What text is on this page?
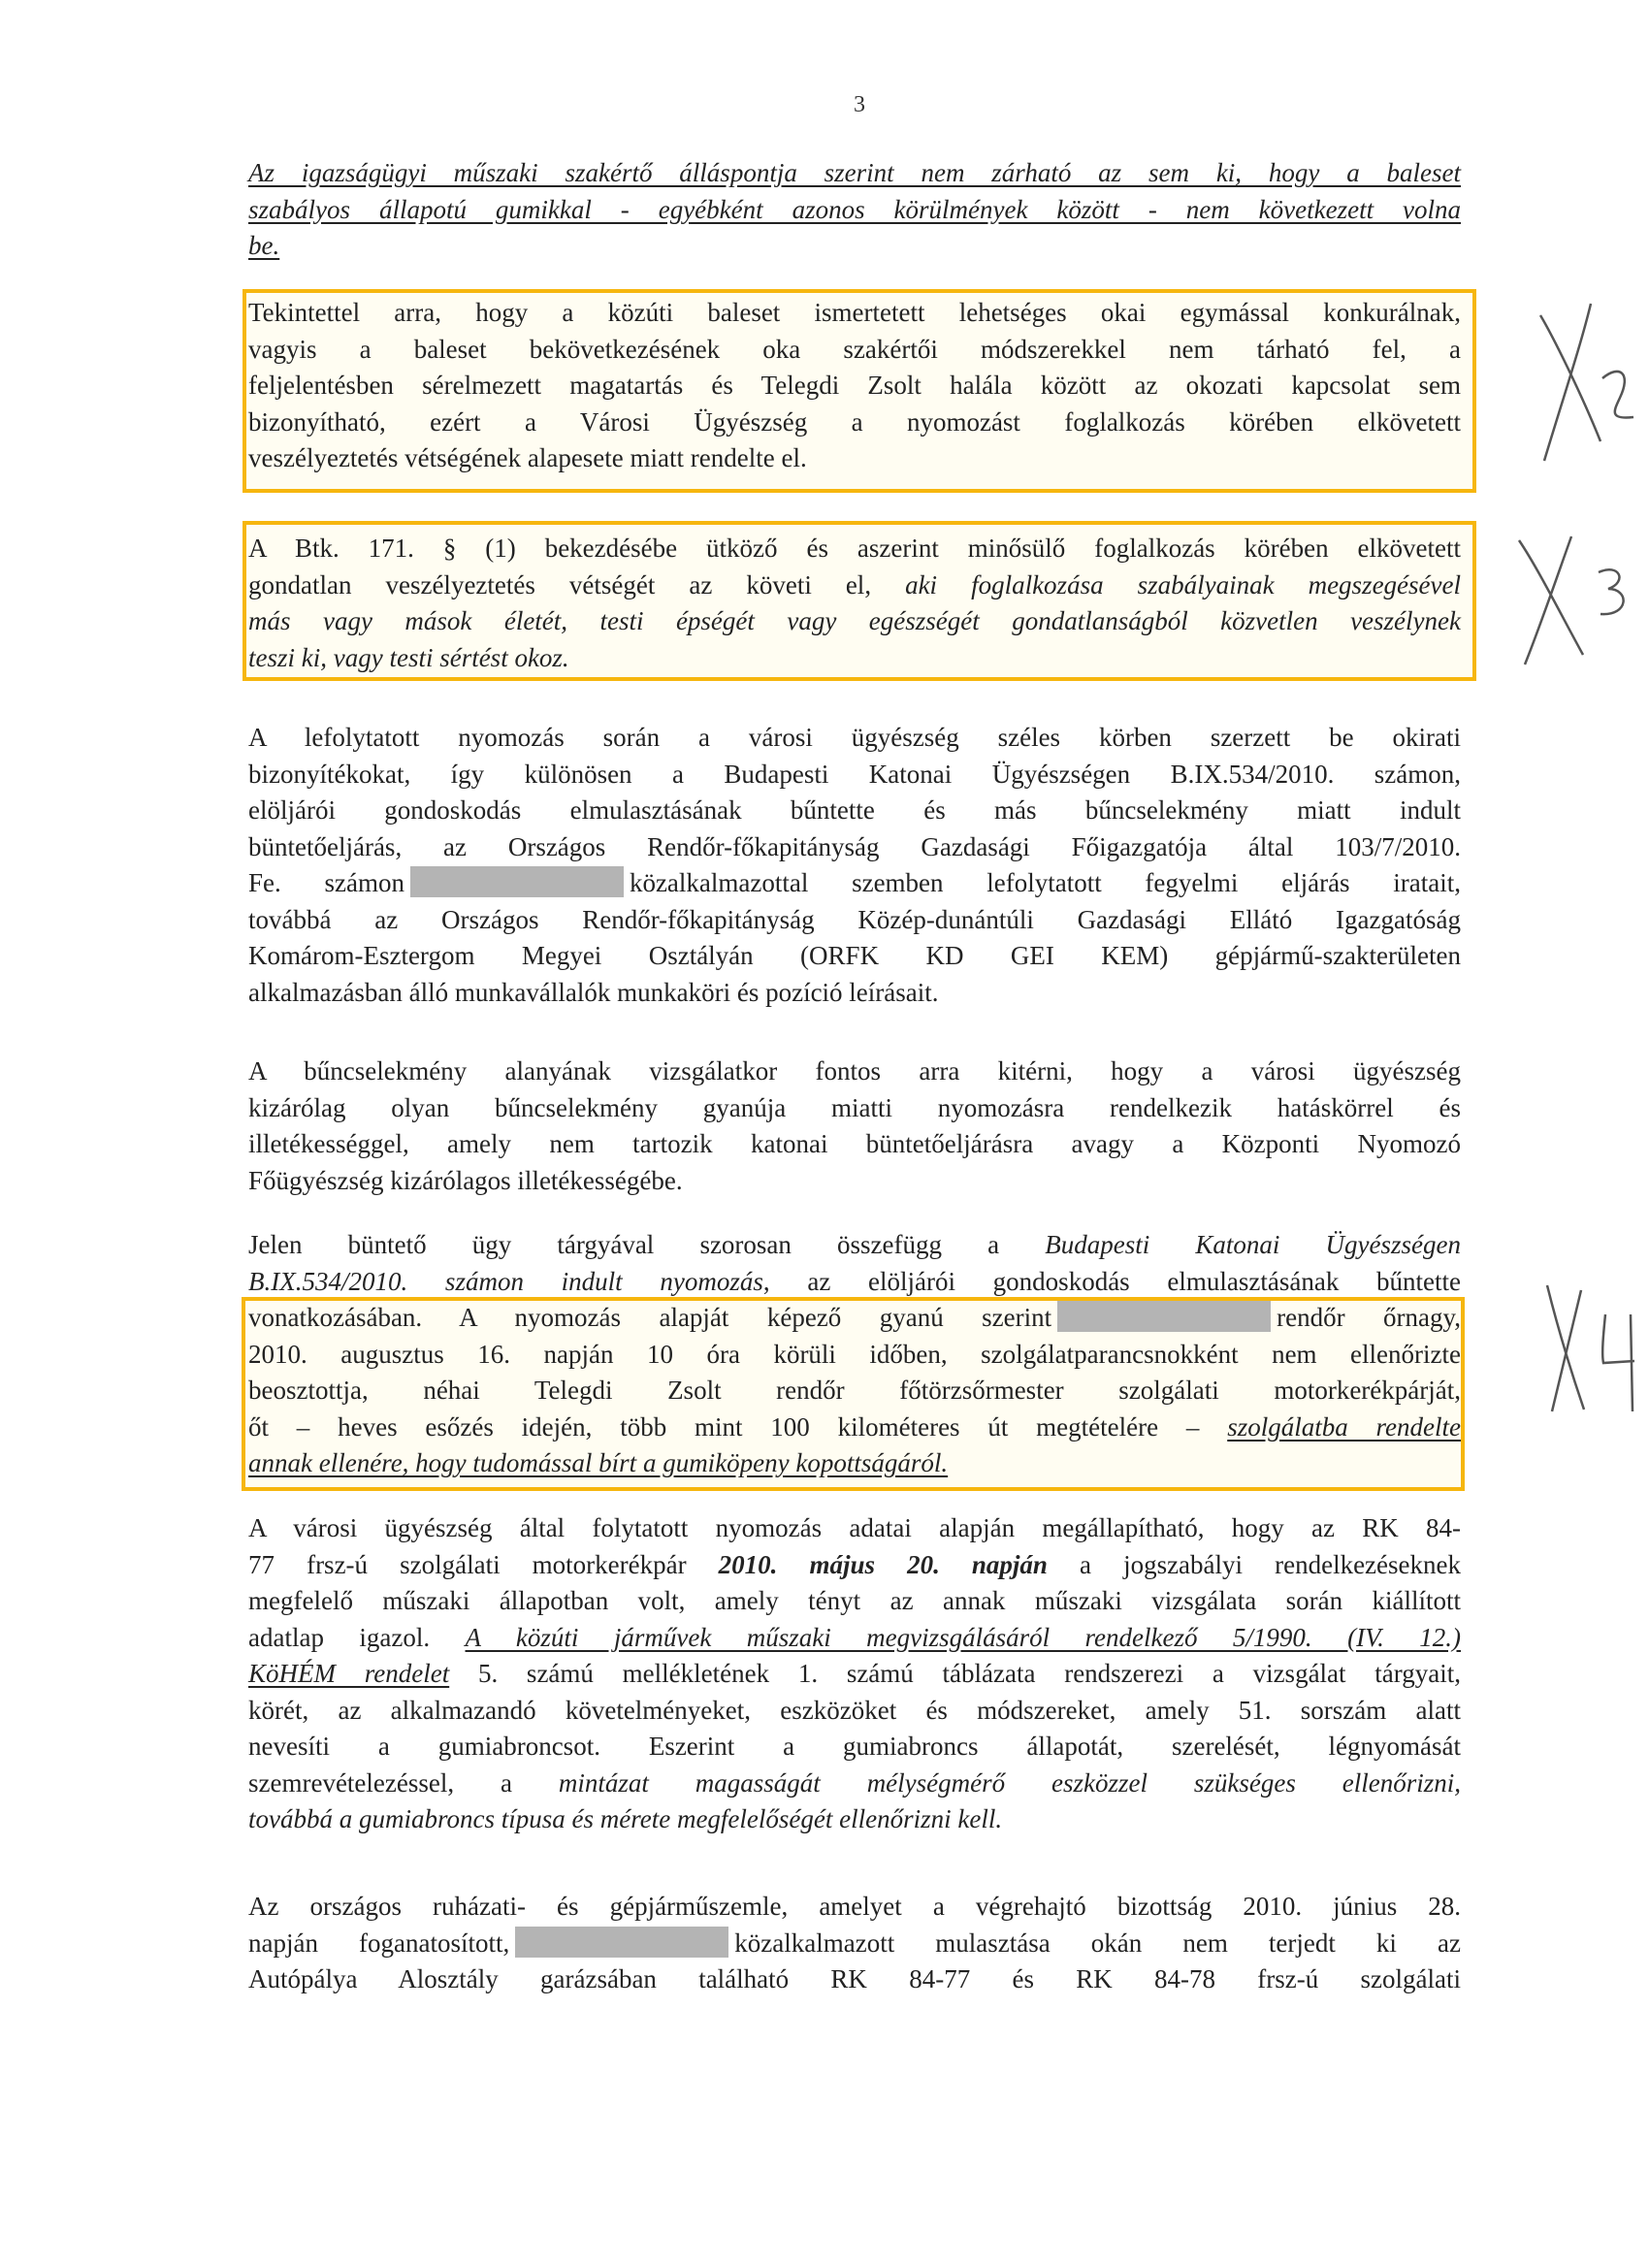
3
Az igazságügyi műszaki szakértő álláspontja szerint nem zárható az sem ki, hogy a baleset
szabályos állapotú gumikkal - egyébként azonos körülmények között - nem következett volna
be.
Tekintettel arra, hogy a közúti baleset ismertetett lehetséges okai egymással konkurálnak,
vagyis a baleset bekövetkezésének oka szakértői módszerekkel nem tárható fel, a
feljelentésben sérelmezett magatartás és Telegdi Zsolt halála között az okozati kapcsolat sem
bizonyítható, ezért a Városi Ügyészség a nyomozást foglalkozás körében elkövetett
veszélyeztetés vétségének alapesete miatt rendelte el.
A Btk. 171. § (1) bekezdésébe ütköző és aszerint minősülő foglalkozás körében elkövetett
gondatlan veszélyeztetés vétségét az követi el, aki foglalkozása szabályainak megszegésével
más vagy mások életét, testi épségét vagy egészségét gondatlanságból közvetlen veszélynek
teszi ki, vagy testi sértést okoz.
A lefolytatott nyomozás során a városi ügyészség széles körben szerzett be okirati
bizonyítékokat, így különösen a Budapesti Katonai Ügyészségen B.IX.534/2010. számon,
elöljárói gondoskodás elmulasztásának bűntette és más bűncselekmény miatt indult
büntetőeljárás, az Országos Rendőr-főkapitányság Gazdasági Főigazgatója által 103/7/2010.
Fe. számon	közalkalmazottal szemben lefolytatott fegyelmi eljárás iratait,
továbbá az Országos Rendőr-főkapitányság Közép-dunántúli Gazdasági Ellátó Igazgatóság
Komárom-Esztergom Megyei Osztályán (ORFK KD GEI KEM) gépjármű-szakterületen
alkalmazásban álló munkavállalók munkaköri és pozíció leírásait.
A bűncselekmény alanyának vizsgálatkor fontos arra kitérni, hogy a városi ügyészség
kizárólag olyan bűncselekmény gyanúja miatti nyomozásra rendelkezik hatáskörrel és
illetékességgel, amely nem tartozik katonai büntetőeljárásra avagy a Központi Nyomozó
Főügyészség kizárólagos illetékességébe.
Jelen büntető ügy tárgyával szorosan összefügg a Budapesti Katonai Ügyészségen
B.IX.534/2010. számon indult nyomozás, az elöljárói gondoskodás elmulasztásának bűntette
vonatkozásában. A nyomozás alapját képező gyanú szerint	rendőr őrnagy,
2010. augusztus 16. napján 10 óra körüli időben, szolgálatparancsnokként nem ellenőrizte
beosztottja, néhai Telegdi Zsolt rendőr főtörzsőrmester szolgálati motorkerékpárját,
őt – heves esőzés idején, több mint 100 kilométeres út megtételére – szolgálatba rendelte
annak ellenére, hogy tudomással bírt a gumiköpeny kopottságáról.
A városi ügyészség által folytatott nyomozás adatai alapján megállapítható, hogy az RK 84-
77 frsz-ú szolgálati motorkerékpár 2010. május 20. napján a jogszabályi rendelkezéseknek
megfelelő műszaki állapotban volt, amely tényt az annak műszaki vizsgálata során kiállított
adatlap igazol. A közúti járművek műszaki megvizsgálásáról rendelkező 5/1990. (IV. 12.)
KöHÉM rendelet 5. számú mellékletének 1. számú táblázata rendszerezi a vizsgálat tárgyait,
körét, az alkalmazandó követelményeket, eszközöket és módszereket, amely 51. sorszám alatt
nevesíti a gumiabroncsot. Eszerint a gumiabroncs állapotát, szerelését, légnyomását
szemrevételezéssel, a mintázat magasságát mélységmérő eszközzel szükséges ellenőrizni,
továbbá a gumiabroncs típusa és mérete megfelelőségét ellenőrizni kell.
Az országos ruházati- és gépjárműszemle, amelyet a végrehajtó bizottság 2010. június 28.
napján foganatosított,	közalkalmazott mulasztása okán nem terjedt ki az
Autópálya Alosztály garázsában található RK 84-77 és RK 84-78 frsz-ú szolgálati
